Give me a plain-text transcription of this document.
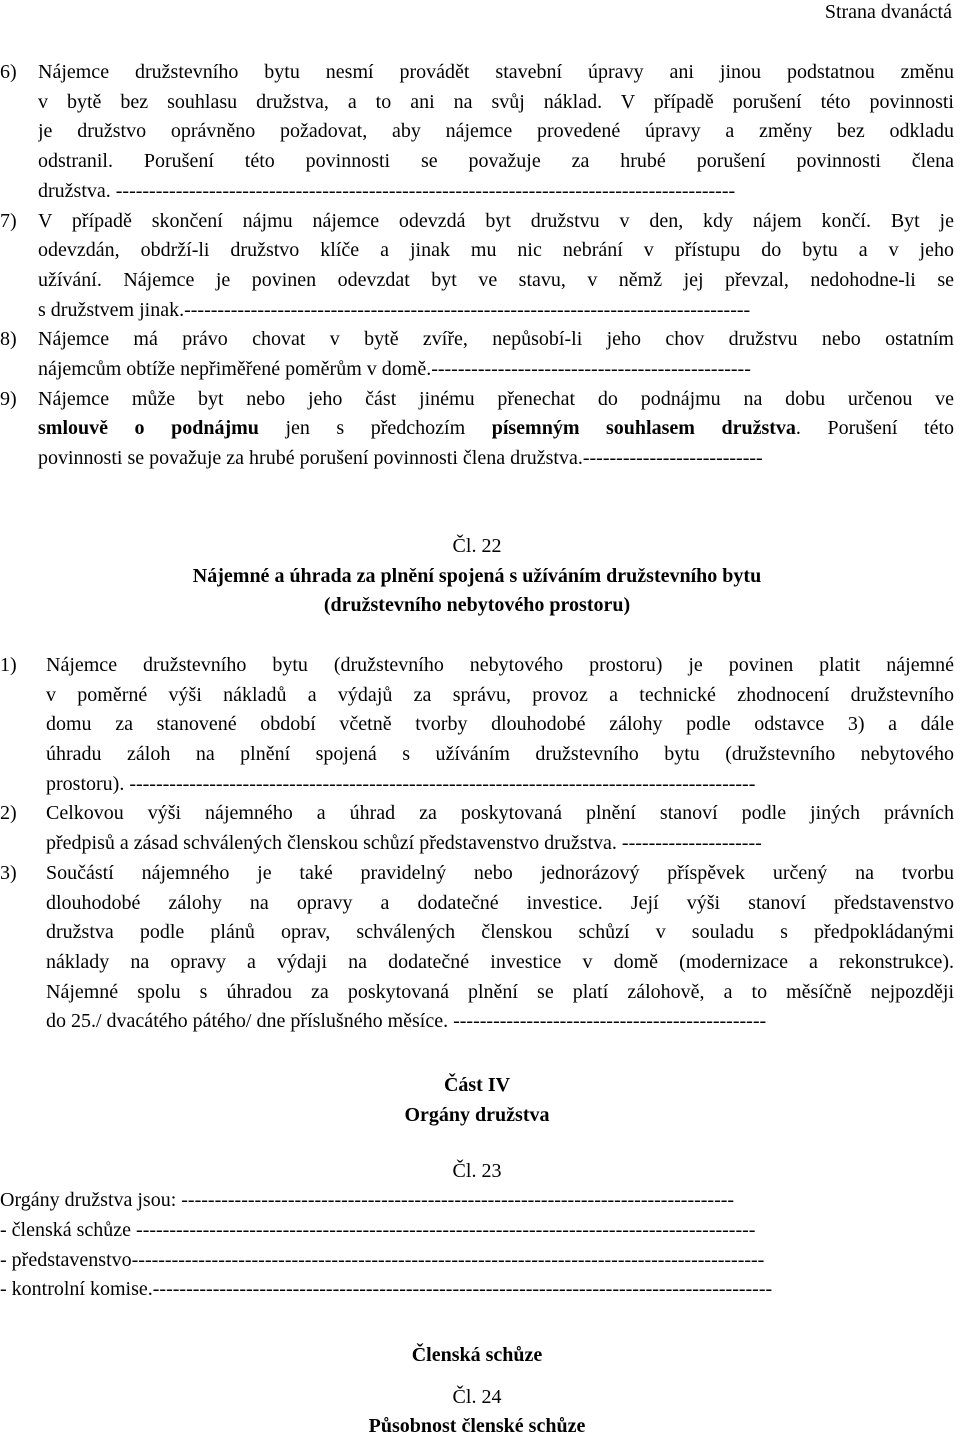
Strana dvanáctá
6) Nájemce družstevního bytu nesmí provádět stavební úpravy ani jinou podstatnou změnu
v bytě bez souhlasu družstva, a to ani na svůj náklad. V případě porušení této povinnosti
je družstvo oprávněno požadovat, aby nájemce provedené úpravy a změny bez odkladu
odstranil. Porušení této povinnosti se považuje za hrubé porušení povinnosti člena
družstva. ---------------------------------------------------------------------------------------------
7) V případě skončení nájmu nájemce odevzdá byt družstvu v den, kdy nájem končí. Byt je
odevzdán, obdrží-li družstvo klíče a jinak mu nic nebrání v přístupu do bytu a v jeho
užívání. Nájemce je povinen odevzdat byt ve stavu, v němž jej převzal, nedohodne-li se
s družstvem jinak.-------------------------------------------------------------------------------------
8) Nájemce má právo chovat v bytě zvíře, nepůsobí-li jeho chov družstvu nebo ostatním
nájemcům obtíže nepřiměřené poměrům v domě.------------------------------------------------
9) Nájemce může byt nebo jeho část jinému přenechat do podnájmu na dobu určenou ve
smlouvě o podnájmu jen s předchozím písemným souhlasem družstva. Porušení této
povinnosti se považuje za hrubé porušení povinnosti člena družstva.---------------------------
Čl. 22
Nájemné a úhrada za plnění spojená s užíváním družstevního bytu
(družstevního nebytového prostoru)
1) Nájemce družstevního bytu (družstevního nebytového prostoru) je povinen platit nájemné
v poměrné výši nákladů a výdajů za správu, provoz a technické zhodnocení družstevního
domu za stanovené období včetně tvorby dlouhodobé zálohy podle odstavce 3) a dále
úhradu záloh na plnění spojená s užíváním družstevního bytu (družstevního nebytového
prostoru). ----------------------------------------------------------------------------------------------
2) Celkovou výši nájemného a úhrad za poskytovaná plnění stanoví podle jiných právních
předpisů a zásad schválených členskou schůzí představenstvo družstva. ---------------------
3) Součástí nájemného je také pravidelný nebo jednorázový příspěvek určený na tvorbu
dlouhodobé zálohy na opravy a dodatečné investice. Její výši stanoví představenstvo
družstva podle plánů oprav, schválených členskou schůzí v souladu s předpokládanými
náklady na opravy a výdaji na dodatečné investice v domě (modernizace a rekonstrukce).
Nájemné spolu s úhradou za poskytovaná plnění se platí zálohově, a to měsíčně nejpozději
do 25./ dvacátého pátého/ dne příslušného měsíce. -----------------------------------------------
Část IV
Orgány družstva
Čl. 23
Orgány družstva jsou: -----------------------------------------------------------------------------------
- členská schůze ---------------------------------------------------------------------------------------------
- představenstvo-----------------------------------------------------------------------------------------------
- kontrolní komise.---------------------------------------------------------------------------------------------
Členská schůze
Čl. 24
Působnost členské schůze
